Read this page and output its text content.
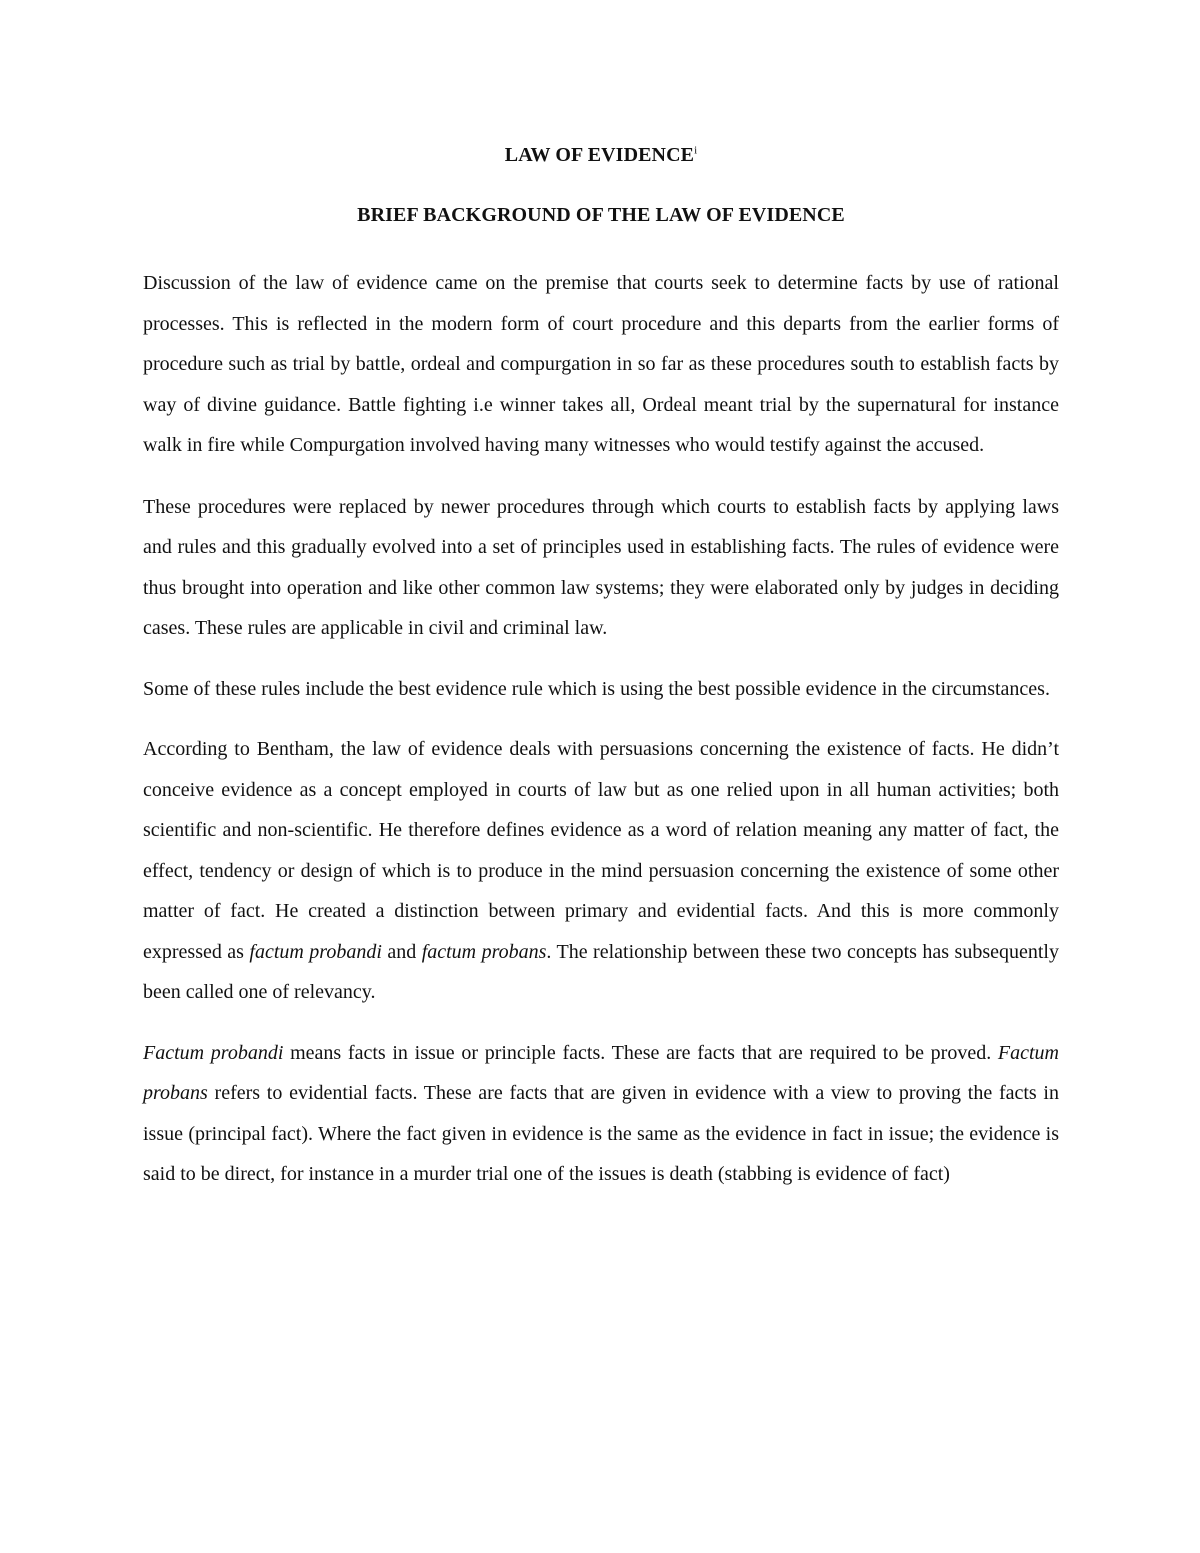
LAW OF EVIDENCE$^i$
BRIEF BACKGROUND OF THE LAW OF EVIDENCE

Discussion of the law of evidence came on the premise that courts seek to determine facts by use of rational processes. This is reflected in the modern form of court procedure and this departs from the earlier forms of procedure such as trial by battle, ordeal and compurgation in so far as these procedures south to establish facts by way of divine guidance. Battle fighting i.e winner takes all, Ordeal meant trial by the supernatural for instance walk in fire while Compurgation involved having many witnesses who would testify against the accused.

These procedures were replaced by newer procedures through which courts to establish facts by applying laws and rules and this gradually evolved into a set of principles used in establishing facts. The rules of evidence were thus brought into operation and like other common law systems; they were elaborated only by judges in deciding cases. These rules are applicable in civil and criminal law.

Some of these rules include the best evidence rule which is using the best possible evidence in the circumstances.

According to Bentham, the law of evidence deals with persuasions concerning the existence of facts. He didn’t conceive evidence as a concept employed in courts of law but as one relied upon in all human activities; both scientific and non-scientific. He therefore defines evidence as a word of relation meaning any matter of fact, the effect, tendency or design of which is to produce in the mind persuasion concerning the existence of some other matter of fact. He created a distinction between primary and evidential facts. And this is more commonly expressed as factum probandi and factum probans. The relationship between these two concepts has subsequently been called one of relevancy.

Factum probandi means facts in issue or principle facts. These are facts that are required to be proved. Factum probans refers to evidential facts. These are facts that are given in evidence with a view to proving the facts in issue (principal fact). Where the fact given in evidence is the same as the evidence in fact in issue; the evidence is said to be direct, for instance in a murder trial one of the issues is death (stabbing is evidence of fact)
